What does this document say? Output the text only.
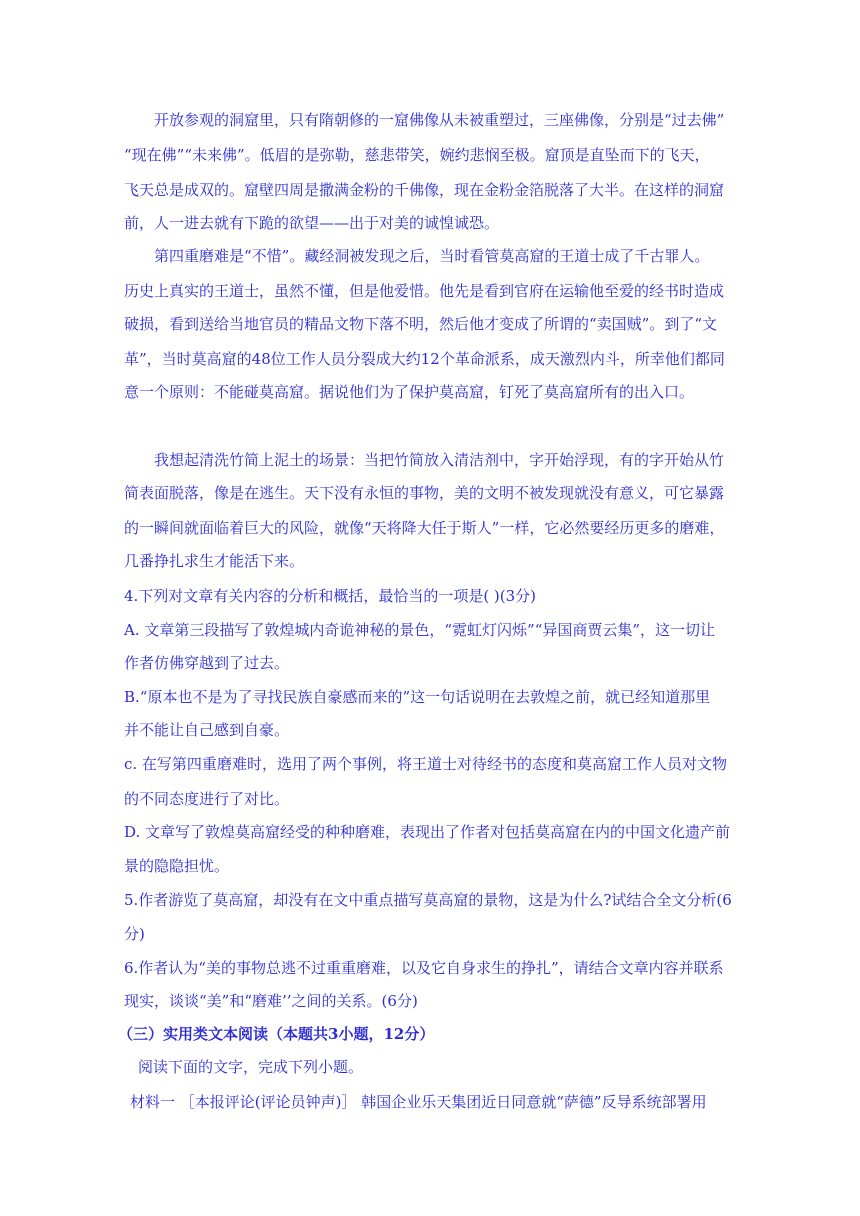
开放参观的洞窟里，只有隋朝修的一窟佛像从未被重塑过，三座佛像，分别是“过去佛”
“现在佛”“未来佛”。低眉的是弥勒，慈悲带笑，婉约悲悯至极。窟顶是直坠而下的飞天，
飞天总是成双的。窟壁四周是撒满金粉的千佛像，现在金粉金箔脱落了大半。在这样的洞窟
前，人一进去就有下跪的欲望——出于对美的诚惶诚恐。
第四重磨难是“不惜”。藏经洞被发现之后，当时看管莫高窟的王道士成了千古罪人。
历史上真实的王道士，虽然不懂，但是他爱惜。他先是看到官府在运输他至爱的经书时造成
破损，看到送给当地官员的精品文物下落不明，然后他才变成了所谓的“卖国贼”。到了“文
革”，当时莫高窟的48位工作人员分裂成大约12个革命派系，成天激烈内斗，所幸他们都同
意一个原则：不能碰莫高窟。据说他们为了保护莫高窟，钉死了莫高窟所有的出入口。
我想起清洗竹简上泥土的场景：当把竹简放入清洁剂中，字开始浮现，有的字开始从竹
简表面脱落，像是在逃生。天下没有永恒的事物，美的文明不被发现就没有意义，可它暴露
的一瞬间就面临着巨大的风险，就像“天将降大任于斯人”一样，它必然要经历更多的磨难，
几番挣扎求生才能活下来。
4.下列对文章有关内容的分析和概括，最恰当的一项是( )(3分)
A. 文章第三段描写了敦煌城内奇诡神秘的景色，“霓虹灯闪烁”“异国商贾云集”，这一切让
作者仿佛穿越到了过去。
B.“原本也不是为了寻找民族自豪感而来的”这一句话说明在去敦煌之前，就已经知道那里
并不能让自己感到自豪。
c. 在写第四重磨难时，选用了两个事例，将王道士对待经书的态度和莫高窟工作人员对文物
的不同态度进行了对比。
D. 文章写了敦煌莫高窟经受的种种磨难，表现出了作者对包括莫高窟在内的中国文化遗产前
景的隐隐担忧。
5.作者游览了莫高窟，却没有在文中重点描写莫高窟的景物，这是为什么?试结合全文分析(6
分)
6.作者认为“美的事物总逃不过重重磨难，以及它自身求生的挣扎”，请结合文章内容并联系
现实，谈谈“美”和“磨难’’之间的关系。(6分)
（三）实用类文本阅读（本题共3小题，12分）
阅读下面的文字，完成下列小题。
材料一 ［本报评论(评论员钟声)］ 韩国企业乐天集团近日同意就“萨德”反导系统部署用
